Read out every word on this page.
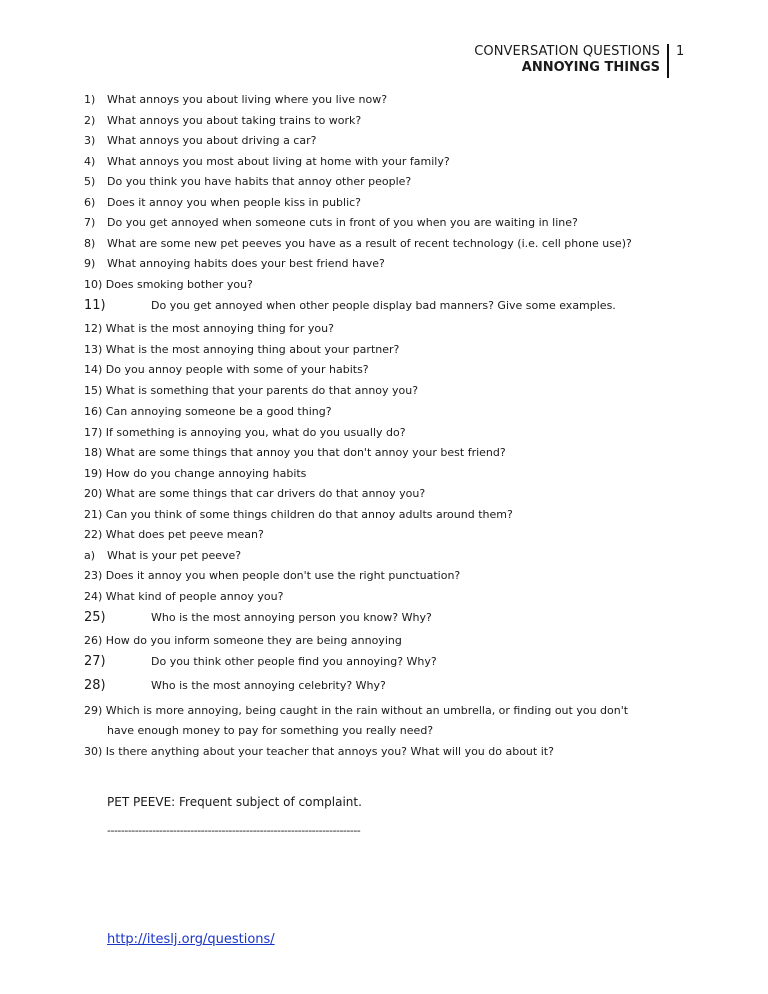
CONVERSATION QUESTIONS
ANNOYING THINGS
1
1) What annoys you about living where you live now?
2) What annoys you about taking trains to work?
3) What annoys you about driving a car?
4) What annoys you most about living at home with your family?
5) Do you think you have habits that annoy other people?
6) Does it annoy you when people kiss in public?
7) Do you get annoyed when someone cuts in front of you when you are waiting in line?
8) What are some new pet peeves you have as a result of recent technology (i.e. cell phone use)?
9) What annoying habits does your best friend have?
10) Does smoking bother you?
11)	Do you get annoyed when other people display bad manners? Give some examples.
12) What is the most annoying thing for you?
13) What is the most annoying thing about your partner?
14) Do you annoy people with some of your habits?
15) What is something that your parents do that annoy you?
16) Can annoying someone be a good thing?
17) If something is annoying you, what do you usually do?
18) What are some things that annoy you that don't annoy your best friend?
19) How do you change annoying habits
20) What are some things that car drivers do that annoy you?
21) Can you think of some things children do that annoy adults around them?
22) What does pet peeve mean?
a) What is your pet peeve?
23) Does it annoy you when people don't use the right punctuation?
24) What kind of people annoy you?
25)	Who is the most annoying person you know? Why?
26) How do you inform someone they are being annoying
27)	Do you think other people find you annoying? Why?
28)	Who is the most annoying celebrity? Why?
29) Which is more annoying, being caught in the rain without an umbrella, or finding out you don't
have enough money to pay for something you really need?
30) Is there anything about your teacher that annoys you? What will you do about it?
PET PEEVE: Frequent subject of complaint.
-------------------------------------------------------------------------
http://iteslj.org/questions/
